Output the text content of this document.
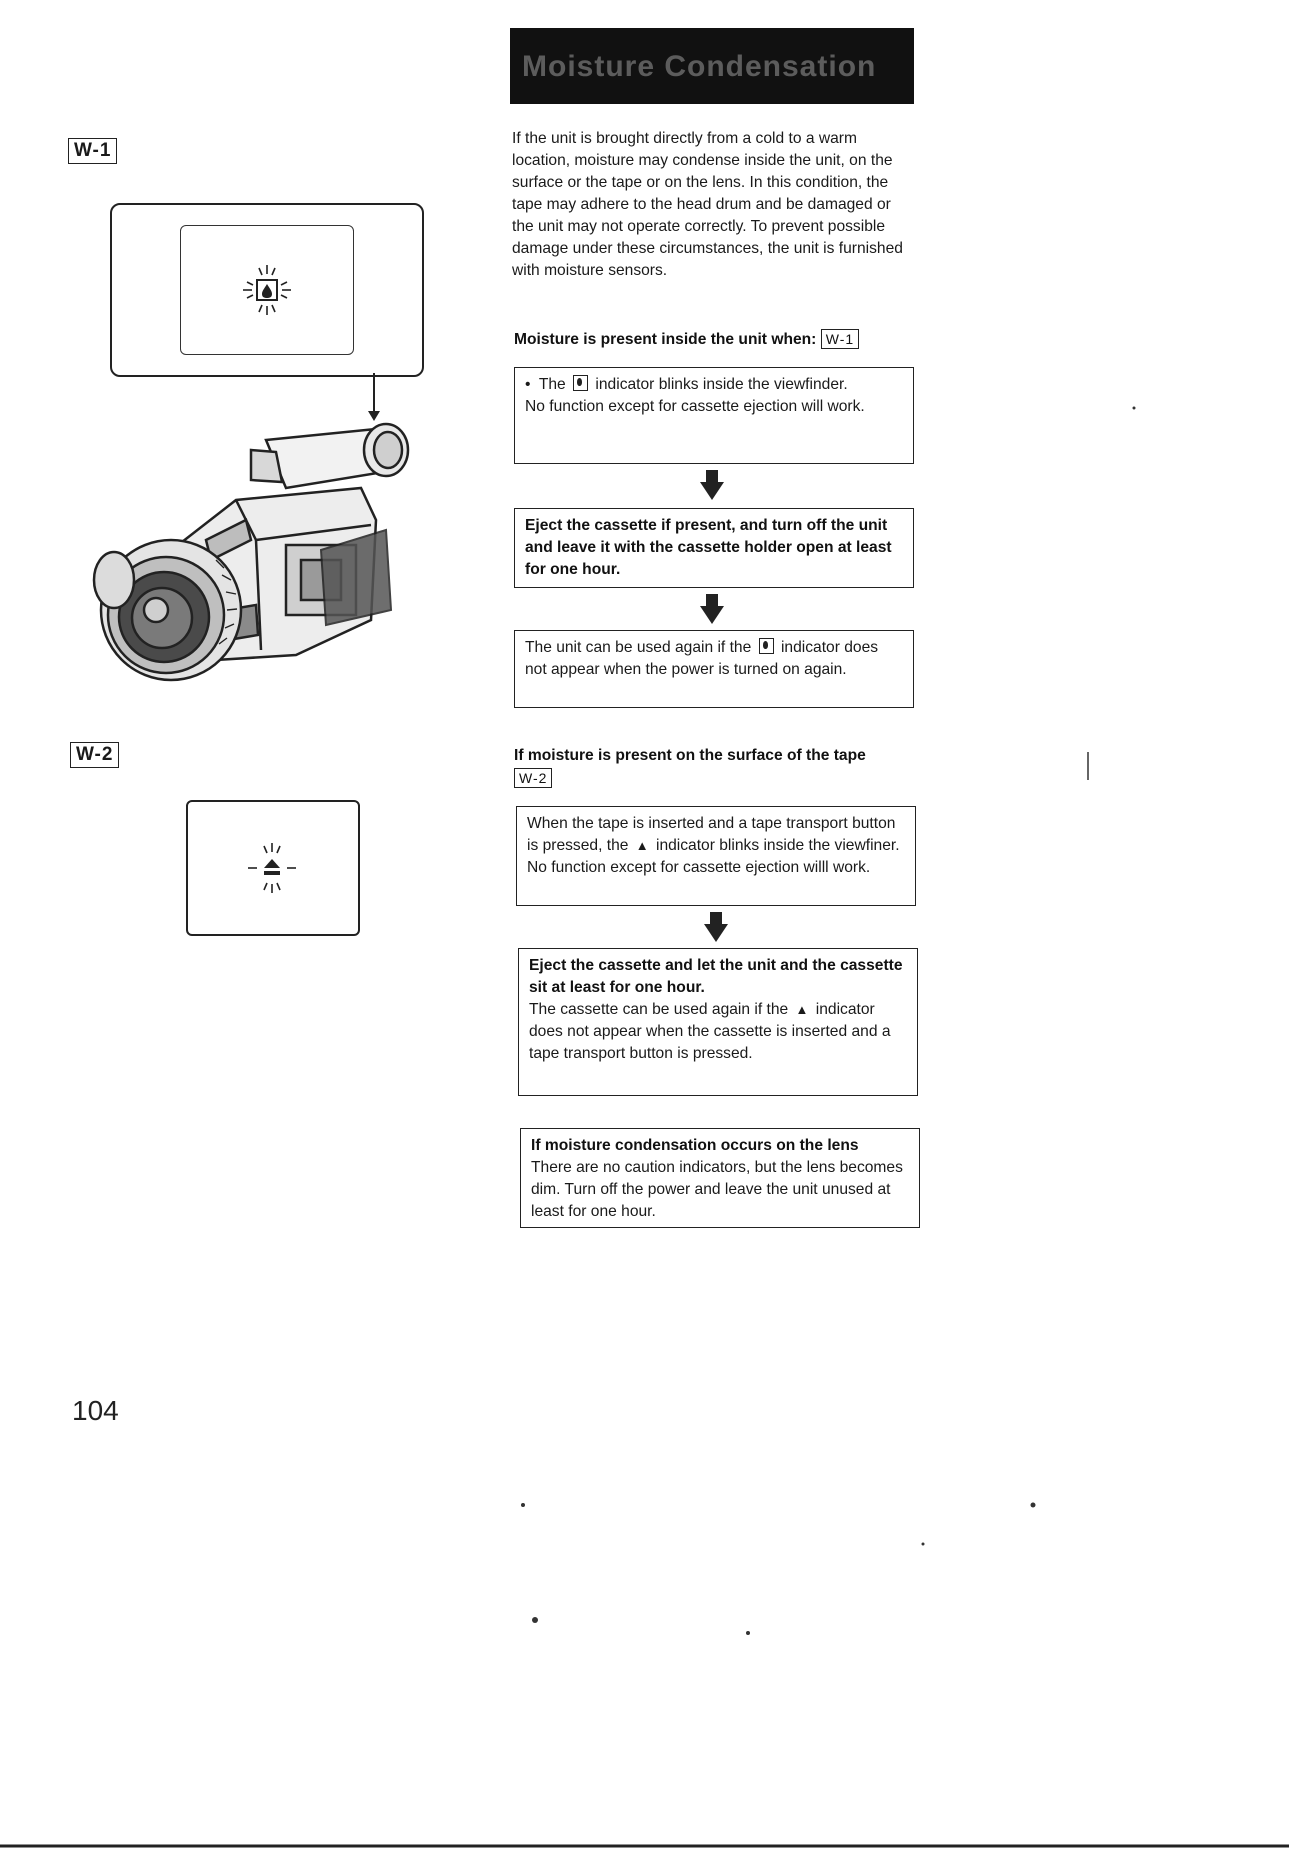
W-1
W-2
104
Moisture Condensation
If the unit is brought directly from a cold to a warm location, moisture may condense inside the unit, on the surface or the tape or on the lens. In this condition, the tape may adhere to the head drum and be damaged or the unit may not operate correctly. To prevent possible damage under these circumstances, the unit is furnished with moisture sensors.
Moisture is present inside the unit when: W-1

• The indicator blinks inside the viewfinder.

No function except for cassette ejection will work.

Eject the cassette if present, and turn off the unit and leave it with the cassette holder open at least for one hour.

The unit can be used again if the indicator does not appear when the power is turned on again.

If moisture is present on the surface of the tape W-2

When the tape is inserted and a tape transport button is pressed, the ▲ indicator blinks inside the viewfiner. No function except for cassette ejection willl work.

Eject the cassette and let the unit and the cassette sit at least for one hour.

The cassette can be used again if the ▲ indicator does not appear when the cassette is inserted and a tape transport button is pressed.

If moisture condensation occurs on the lens

There are no caution indicators, but the lens becomes dim. Turn off the power and leave the unit unused at least for one hour.
